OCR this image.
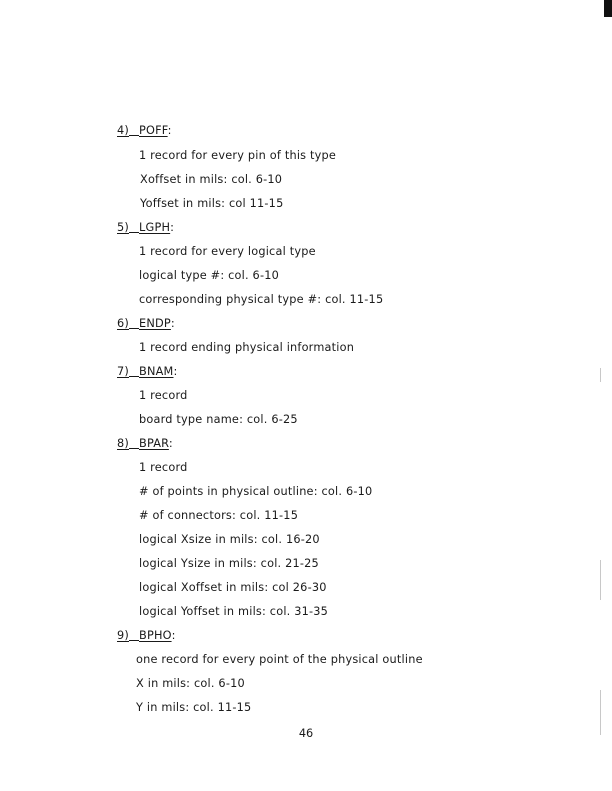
4) POFF:
1 record for every pin of this type
Xoffset in mils: col. 6-10
Yoffset in mils: col 11-15
5) LGPH:
1 record for every logical type
logical type #: col. 6-10
corresponding physical type #: col. 11-15
6) ENDP:
1 record ending physical information
7) BNAM:
1 record
board type name: col. 6-25
8) BPAR:
1 record
# of points in physical outline: col. 6-10
# of connectors: col. 11-15
logical Xsize in mils: col. 16-20
logical Ysize in mils: col. 21-25
logical Xoffset in mils: col 26-30
logical Yoffset in mils: col. 31-35
9) BPHO:
one record for every point of the physical outline
X in mils: col. 6-10
Y in mils: col. 11-15
46
